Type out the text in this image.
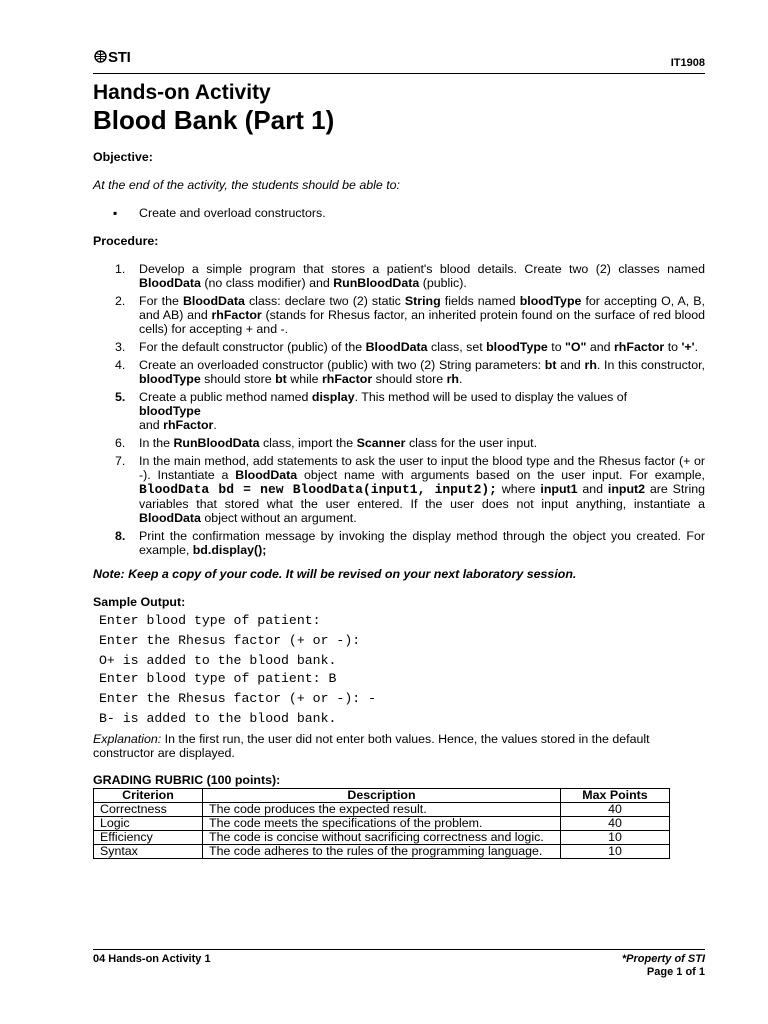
STI	IT1908
Hands-on Activity
Blood Bank (Part 1)

Objective:

At the end of the activity, the students should be able to:

▪ Create and overload constructors.

Procedure:

1. Develop a simple program that stores a patient's blood details. Create two (2) classes named BloodData (no class modifier) and RunBloodData (public).
2. For the BloodData class: declare two (2) static String fields named bloodType for accepting O, A, B, and AB) and rhFactor (stands for Rhesus factor, an inherited protein found on the surface of red blood cells) for accepting + and -.
3. For the default constructor (public) of the BloodData class, set bloodType to "O" and rhFactor to '+'.
4. Create an overloaded constructor (public) with two (2) String parameters: bt and rh. In this constructor, bloodType should store bt while rhFactor should store rh.
5. Create a public method named display. This method will be used to display the values of
bloodType
and rhFactor.
6. In the RunBloodData class, import the Scanner class for the user input.
7. In the main method, add statements to ask the user to input the blood type and the Rhesus factor (+ or -). Instantiate a BloodData object name with arguments based on the user input. For example, BloodData bd = new BloodData(input1, input2); where input1 and input2 are String variables that stored what the user entered. If the user does not input anything, instantiate a BloodData object without an argument.
8. Print the confirmation message by invoking the display method through the object you created. For example, bd.display();

Note: Keep a copy of your code. It will be revised on your next laboratory session.

Sample Output:

Enter blood type of patient:
Enter the Rhesus factor (+ or -):
O+ is added to the blood bank.
Enter blood type of patient: B
Enter the Rhesus factor (+ or -): -
B- is added to the blood bank.

Explanation: In the first run, the user did not enter both values. Hence, the values stored in the default constructor are displayed.

GRADING RUBRIC (100 points):

Criterion	Description	Max Points
Correctness	The code produces the expected result.	40
Logic	The code meets the specifications of the problem.	40
Efficiency	The code is concise without sacrificing correctness and logic.	10
Syntax	The code adheres to the rules of the programming language.	10
04 Hands-on Activity 1	*Property of STI
Page 1 of 1
